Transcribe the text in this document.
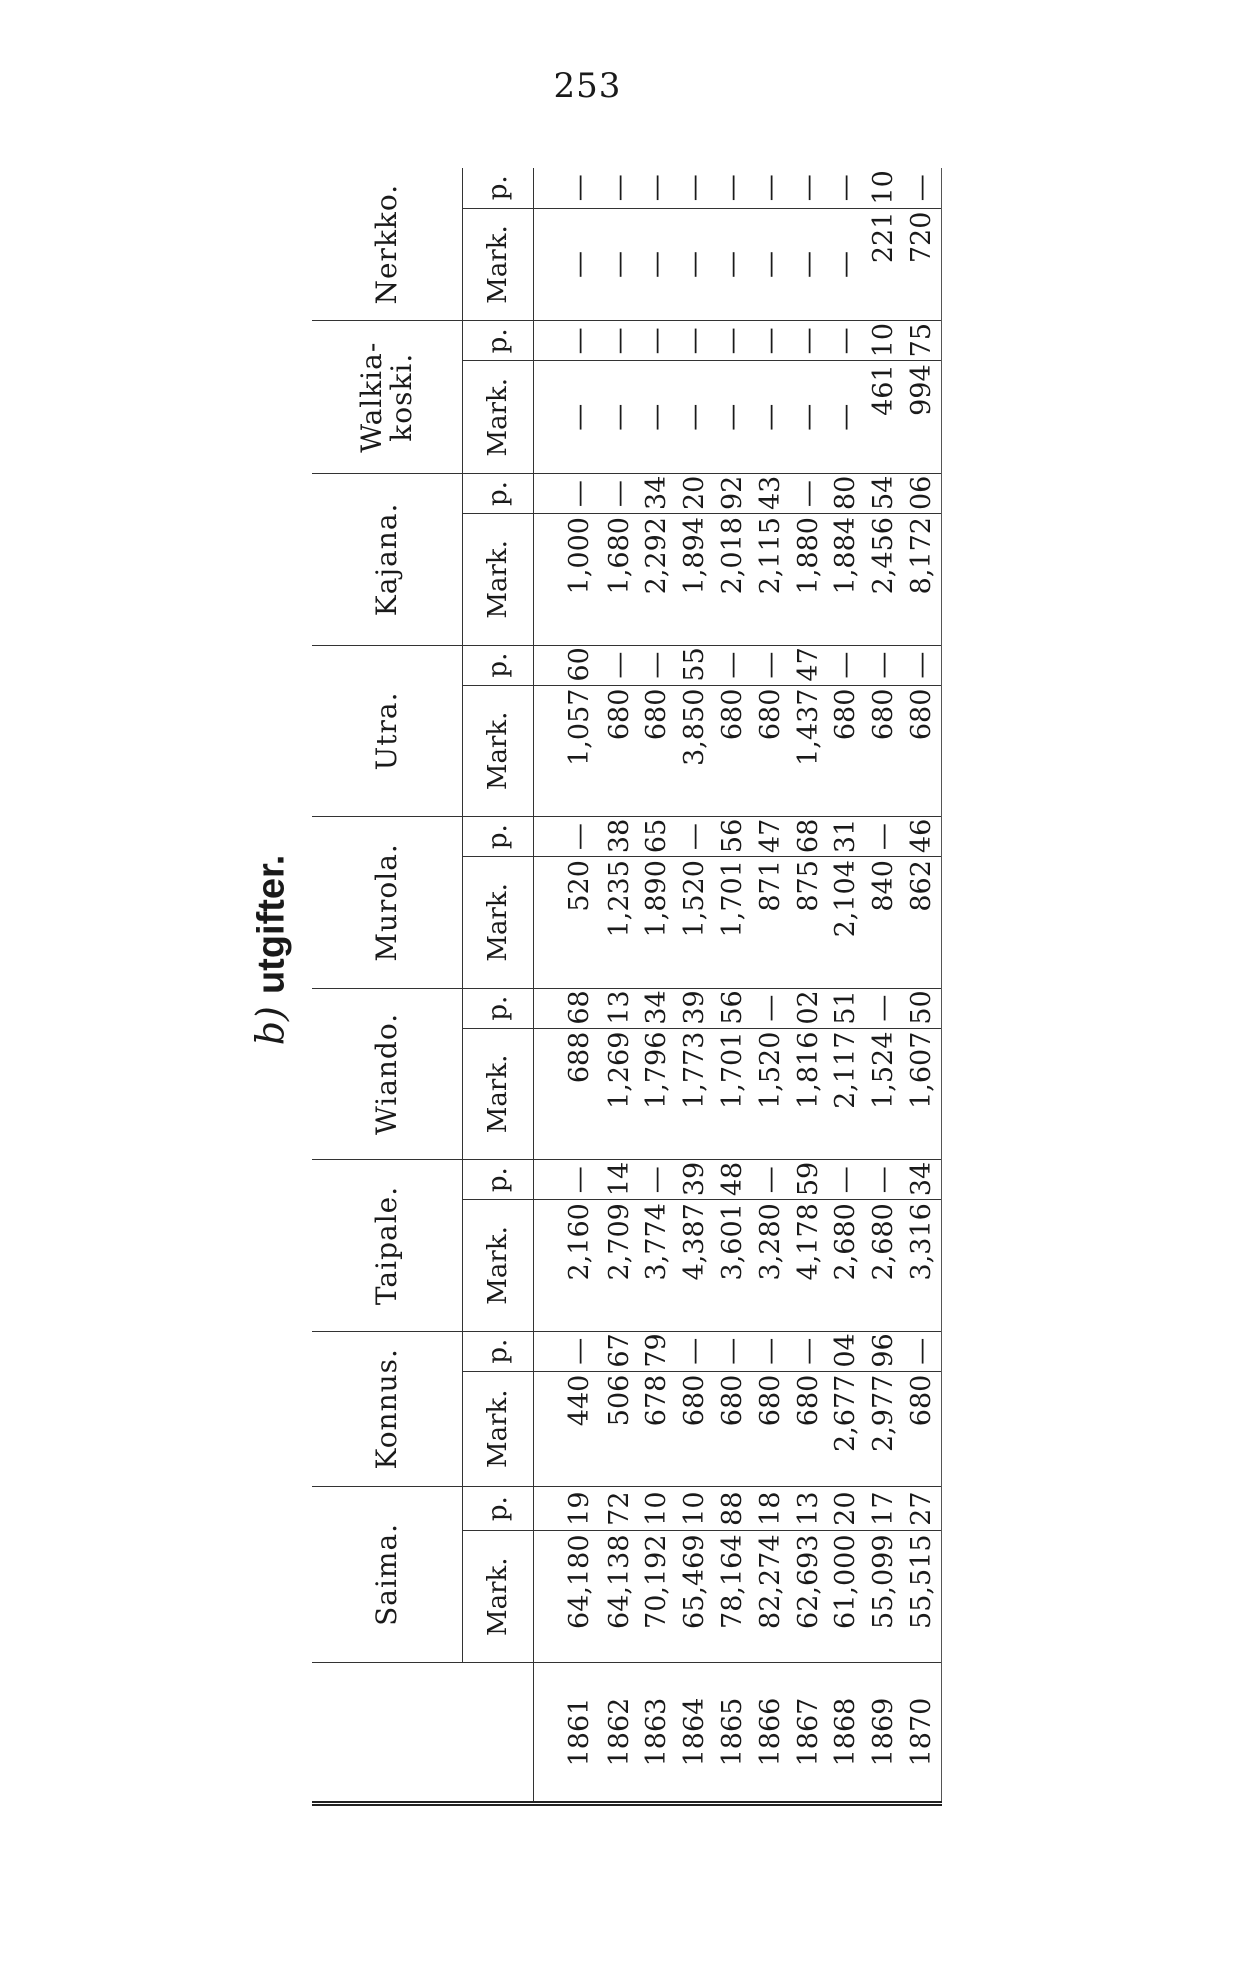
253
b) utgifter.
	Saima.		Konnus.		Taipale.		Wiando.		Murola.		Utra.		Kajana.		Walkia-
koski.		Nerkko.	
	Mark.	p.	Mark.	p.	Mark.	p.	Mark.	p.	Mark.	p.	Mark.	p.	Mark.	p.	Mark.	p.	Mark.	p.
1861	64,180	19	440	—	2,160	—	688	68	520	—	1,057	60	1,000	—	—	—	—	—
1862	64,138	72	506	67	2,709	14	1,269	13	1,235	38	680	—	1,680	—	—	—	—	—
1863	70,192	10	678	79	3,774	—	1,796	34	1,890	65	680	—	2,292	34	—	—	—	—
1864	65,469	10	680	—	4,387	39	1,773	39	1,520	—	3,850	55	1,894	20	—	—	—	—
1865	78,164	88	680	—	3,601	48	1,701	56	1,701	56	680	—	2,018	92	—	—	—	—
1866	82,274	18	680	—	3,280	—	1,520	—	871	47	680	—	2,115	43	—	—	—	—
1867	62,693	13	680	—	4,178	59	1,816	02	875	68	1,437	47	1,880	—	—	—	—	—
1868	61,000	20	2,677	04	2,680	—	2,117	51	2,104	31	680	—	1,884	80	—	—	—	—
1869	55,099	17	2,977	96	2,680	—	1,524	—	840	—	680	—	2,456	54	461	10	221	10
1870	55,515	27	680	—	3,316	34	1,607	50	862	46	680	—	8,172	06	994	75	720	—
